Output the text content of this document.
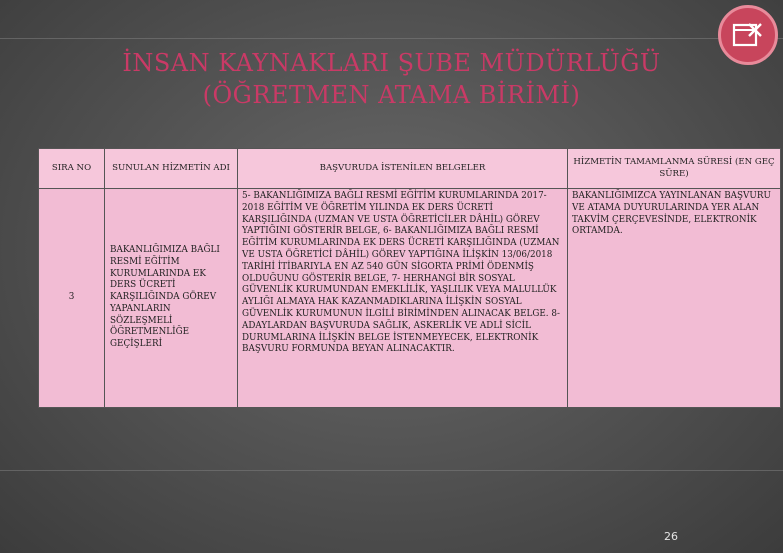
İNSAN KAYNAKLARI ŞUBE MÜDÜRLÜĞÜ
(ÖĞRETMEN ATAMA BİRİMİ)
SIRA NO	SUNULAN HİZMETİN ADI	BAŞVURUDA İSTENİLEN BELGELER	HİZMETİN TAMAMLANMA SÜRESİ (EN GEÇ SÜRE)
3	BAKANLIĞIMIZA BAĞLI RESMİ EĞİTİM KURUMLARINDA EK DERS ÜCRETİ KARŞILIĞINDA GÖREV YAPANLARIN SÖZLEŞMELİ ÖĞRETMENLİĞE GEÇİŞLERİ	5- BAKANLIĞIMIZA BAĞLI RESMİ EĞİTİM KURUMLARINDA 2017-2018 EĞİTİM VE ÖĞRETİM YILINDA EK DERS ÜCRETİ KARŞILIĞINDA (UZMAN VE USTA ÖĞRETİCİLER DÂHİL) GÖREV YAPTIĞINI GÖSTERİR BELGE, 6- BAKANLIĞIMIZA BAĞLI RESMİ EĞİTİM KURUMLARINDA EK DERS ÜCRETİ KARŞILIĞINDA (UZMAN VE USTA ÖĞRETİCİ DÂHİL) GÖREV YAPTIĞINA İLİŞKİN 13/06/2018 TARİHİ İTİBARIYLA EN AZ 540 GÜN SİGORTA PRİMİ ÖDENMİŞ OLDUĞUNU GÖSTERİR BELGE, 7- HERHANGİ BİR SOSYAL GÜVENLİK KURUMUNDAN EMEKLİLİK, YAŞLILIK VEYA MALULLÜK AYLIĞI ALMAYA HAK KAZANMADIKLARINA İLİŞKİN SOSYAL GÜVENLİK KURUMUNUN İLGİLİ BİRİMİNDEN ALINACAK BELGE. 8- ADAYLARDAN BAŞVURUDA SAĞLIK, ASKERLİK VE ADLİ SİCİL DURUMLARINA İLİŞKİN BELGE İSTENMEYECEK, ELEKTRONİK BAŞVURU FORMUNDA BEYAN ALINACAKTIR.	BAKANLIĞIMIZCA YAYINLANAN BAŞVURU VE ATAMA DUYURULARINDA YER ALAN TAKVİM ÇERÇEVESİNDE, ELEKTRONİK ORTAMDA.
26
